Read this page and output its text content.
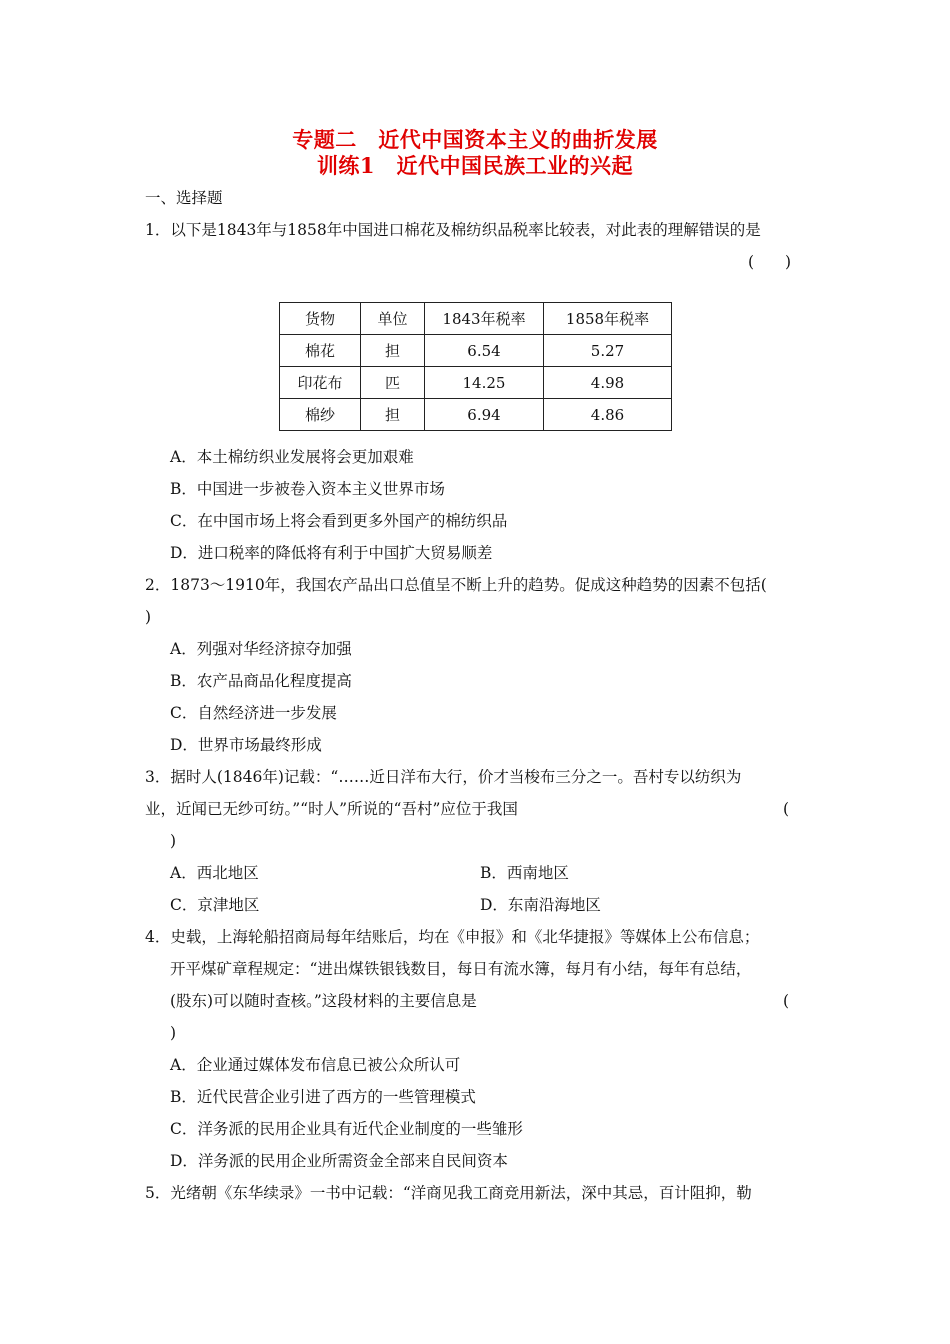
专题二　近代中国资本主义的曲折发展
训练1　近代中国民族工业的兴起
一、选择题
1．以下是1843年与1858年中国进口棉花及棉纺织品税率比较表，对此表的理解错误的是
(　　)
货物	单位	1843年税率	1858年税率
棉花	担	6.54	5.27
印花布	匹	14.25	4.98
棉纱	担	6.94	4.86
A．本土棉纺织业发展将会更加艰难
B．中国进一步被卷入资本主义世界市场
C．在中国市场上将会看到更多外国产的棉纺织品
D．进口税率的降低将有利于中国扩大贸易顺差
2．1873～1910年，我国农产品出口总值呈不断上升的趋势。促成这种趋势的因素不包括(
)
A．列强对华经济掠夺加强
B．农产品商品化程度提高
C．自然经济进一步发展
D．世界市场最终形成
3．据时人(1846年)记载：“……近日洋布大行，价才当梭布三分之一。吾村专以纺织为
业，近闻已无纱可纺。”“时人”所说的“吾村”应位于我国	(
)
A．西北地区	B．西南地区
C．京津地区	D．东南沿海地区
4．史载，上海轮船招商局每年结账后，均在《申报》和《北华捷报》等媒体上公布信息；
开平煤矿章程规定：“进出煤铁银钱数目，每日有流水簿，每月有小结，每年有总结，
(股东)可以随时查核。”这段材料的主要信息是	(
)
A．企业通过媒体发布信息已被公众所认可
B．近代民营企业引进了西方的一些管理模式
C．洋务派的民用企业具有近代企业制度的一些雏形
D．洋务派的民用企业所需资金全部来自民间资本
5．光绪朝《东华续录》一书中记载：“洋商见我工商竞用新法，深中其忌，百计阻抑，勒
